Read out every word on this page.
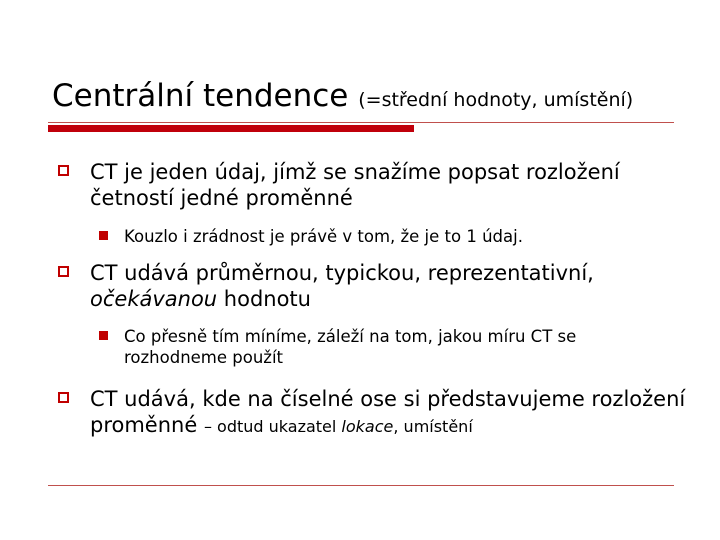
Centrální tendence (=střední hodnoty, umístění)
CT je jeden údaj, jímž se snažíme popsat rozložení četností jedné proměnné
Kouzlo i zrádnost je právě v tom, že je to 1 údaj.
CT udává průměrnou, typickou, reprezentativní, očekávanou hodnotu
Co přesně tím míníme, záleží na tom, jakou míru CT se rozhodneme použít
CT udává, kde na číselné ose si představujeme rozložení proměnné – odtud ukazatel lokace, umístění
